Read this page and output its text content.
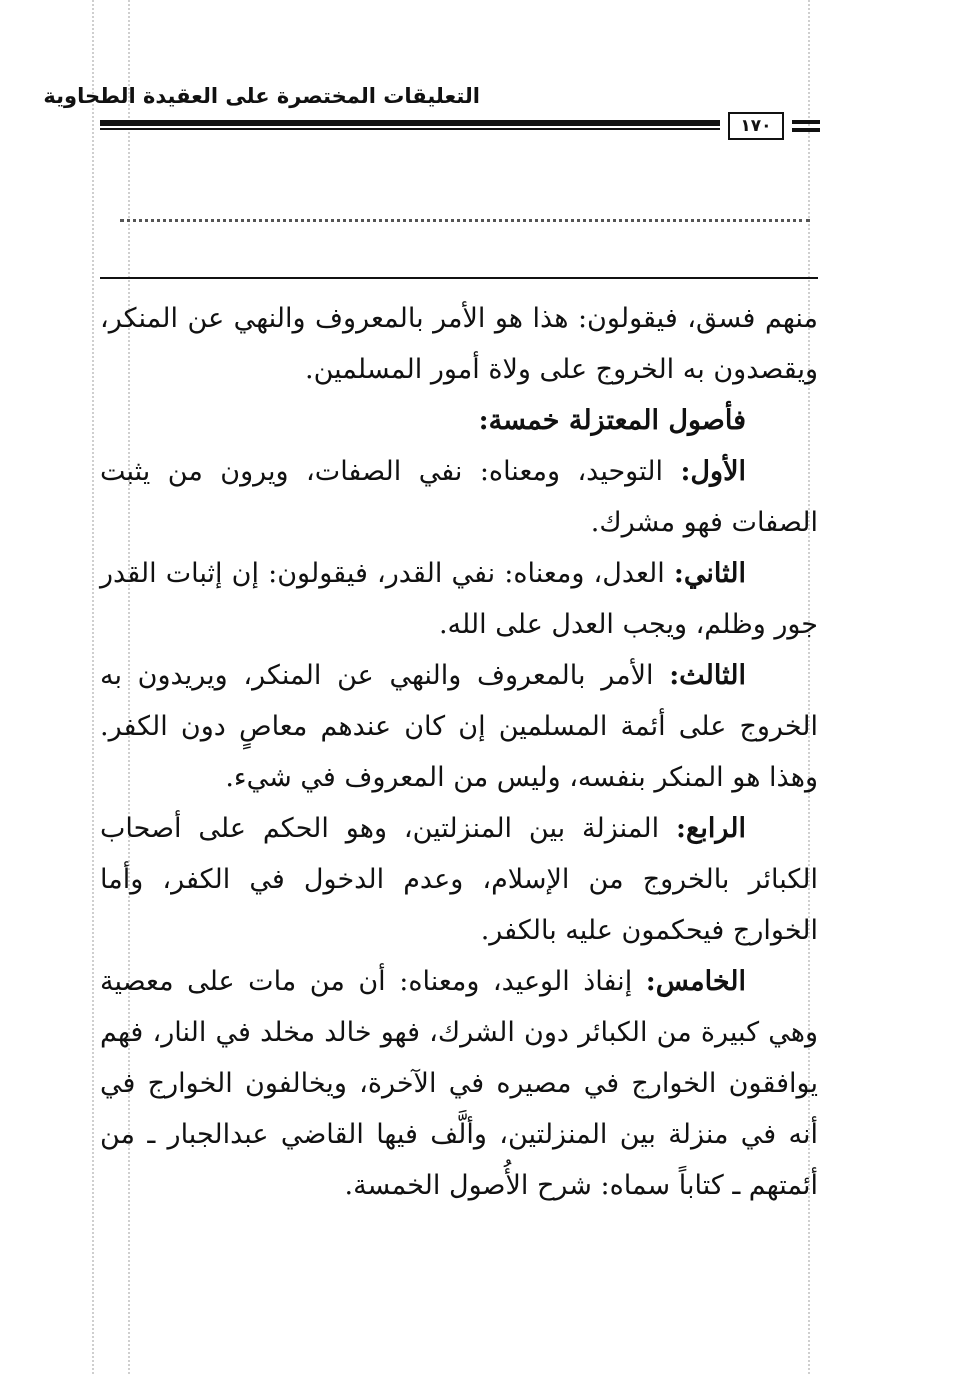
التعليقات المختصرة على العقيدة الطحاوية
١٧٠

منهم فسق، فيقولون: هذا هو الأمر بالمعروف والنهي عن المنكر، ويقصدون به الخروج على ولاة أمور المسلمين.

فأصول المعتزلة خمسة:

الأول: التوحيد، ومعناه: نفي الصفات، ويرون من يثبت الصفات فهو مشرك.

الثاني: العدل، ومعناه: نفي القدر، فيقولون: إن إثبات القدر جور وظلم، ويجب العدل على الله.

الثالث: الأمر بالمعروف والنهي عن المنكر، ويريدون به الخروج على أئمة المسلمين إن كان عندهم معاصٍ دون الكفر. وهذا هو المنكر بنفسه، وليس من المعروف في شيء.

الرابع: المنزلة بين المنزلتين، وهو الحكم على أصحاب الكبائر بالخروج من الإسلام، وعدم الدخول في الكفر، وأما الخوارج فيحكمون عليه بالكفر.

الخامس: إنفاذ الوعيد، ومعناه: أن من مات على معصية وهي كبيرة من الكبائر دون الشرك، فهو خالد مخلد في النار، فهم يوافقون الخوارج في مصيره في الآخرة، ويخالفون الخوارج في أنه في منزلة بين المنزلتين، وألَّف فيها القاضي عبدالجبار ـ من أئمتهم ـ كتاباً سماه: شرح الأُصول الخمسة.
